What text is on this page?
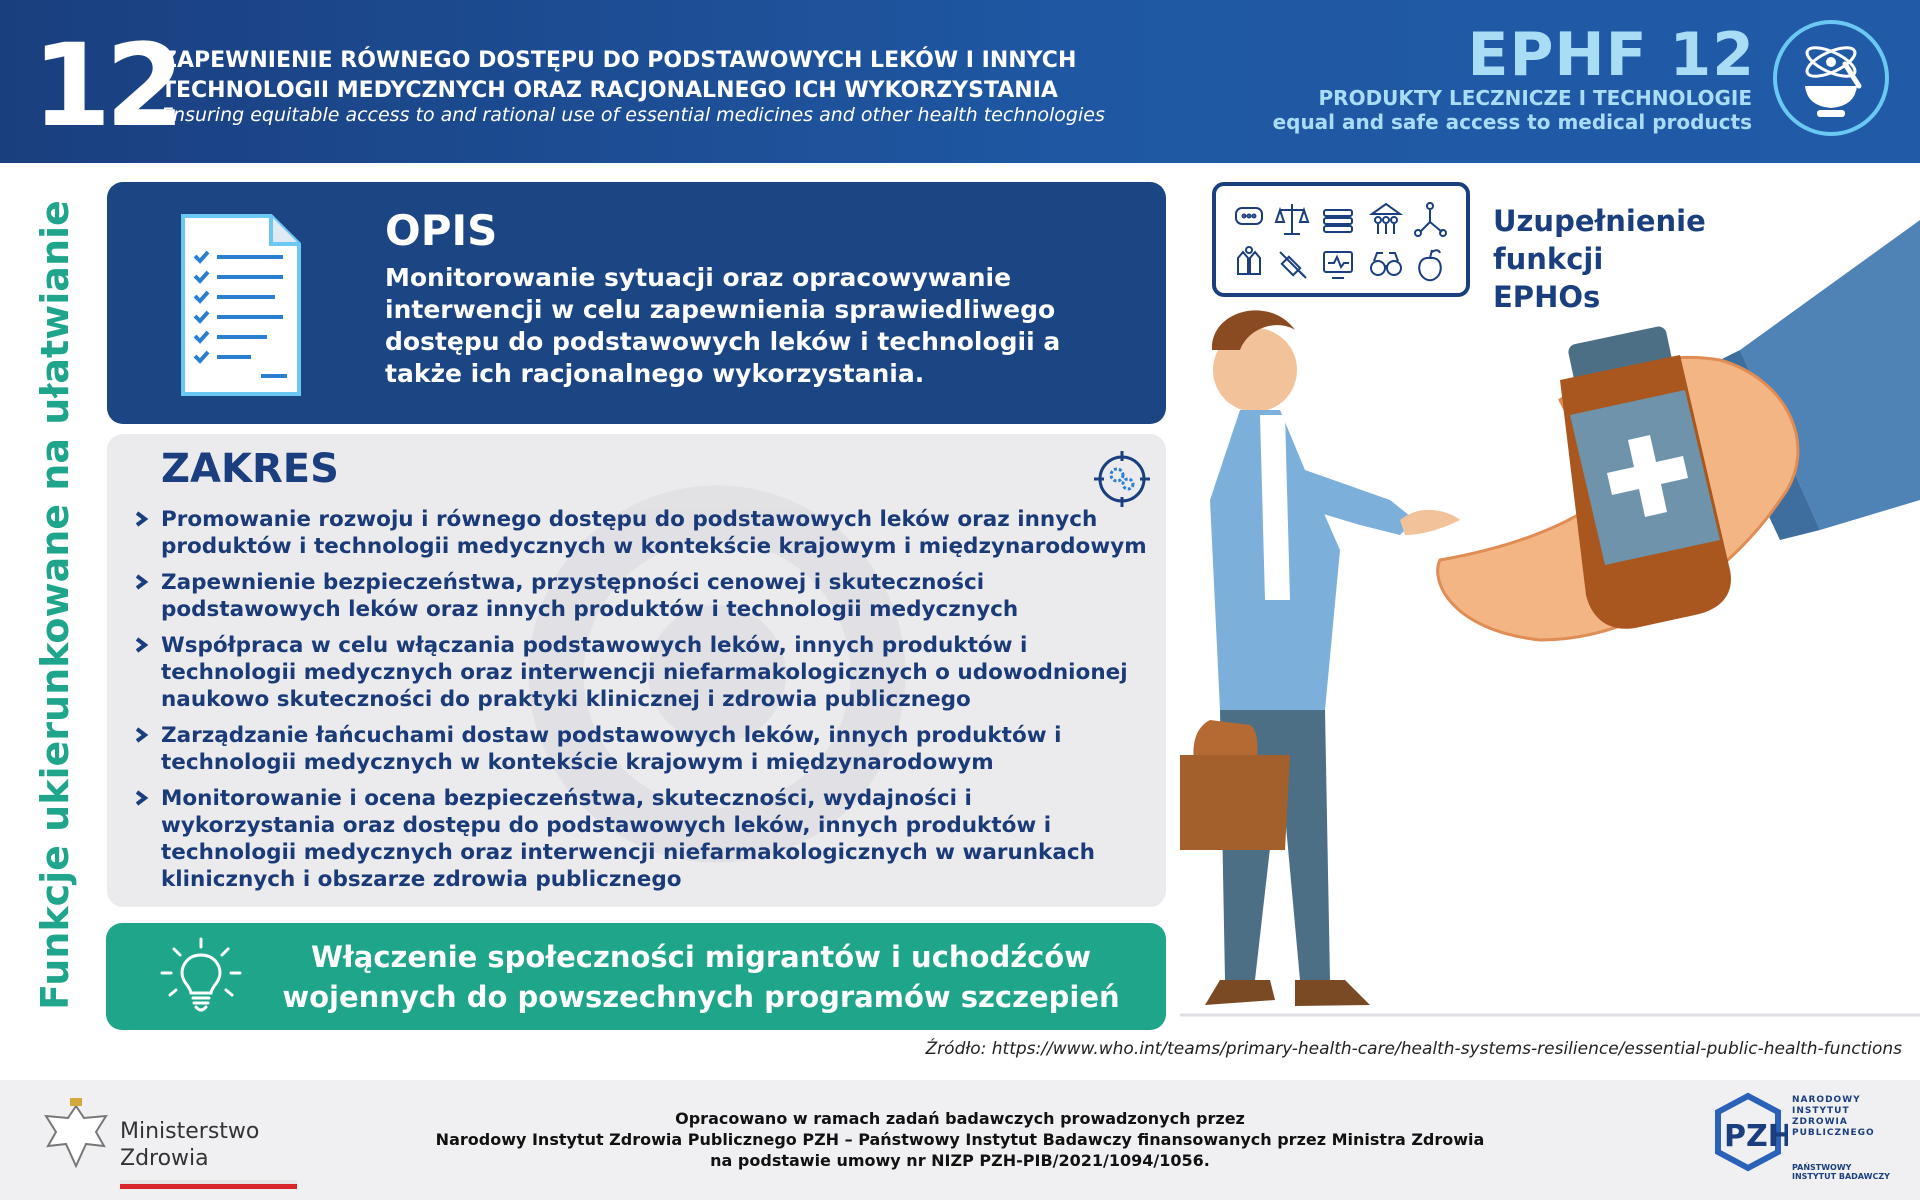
12
ZAPEWNIENIE RÓWNEGO DOSTĘPU DO PODSTAWOWYCH LEKÓW I INNYCH TECHNOLOGII MEDYCZNYCH ORAZ RACJONALNEGO ICH WYKORZYSTANIA
Ensuring equitable access to and rational use of essential medicines and other health technologies
EPHF 12
PRODUKTY LECZNICZE I TECHNOLOGIE
equal and safe access to medical products
Funkcje ukierunkowane na ułatwianie	OPIS
Monitorowanie sytuacji oraz opracowywanie interwencji w celu zapewnienia sprawiedliwego dostępu do podstawowych leków i technologii a także ich racjonalnego wykorzystania.
ZAKRES
Promowanie rozwoju i równego dostępu do podstawowych leków oraz innych produktów i technologii medycznych w kontekście krajowym i międzynarodowym
Zapewnienie bezpieczeństwa, przystępności cenowej i skuteczności podstawowych leków oraz innych produktów i technologii medycznych
Współpraca w celu włączania podstawowych leków, innych produktów i technologii medycznych oraz interwencji niefarmakologicznych o udowodnionej naukowo skuteczności do praktyki klinicznej i zdrowia publicznego
Zarządzanie łańcuchami dostaw podstawowych leków, innych produktów i technologii medycznych w kontekście krajowym i międzynarodowym
Monitorowanie i ocena bezpieczeństwa, skuteczności, wydajności i wykorzystania oraz dostępu do podstawowych leków, innych produktów i technologii medycznych oraz interwencji niefarmakologicznych w warunkach klinicznych i obszarze zdrowia publicznego
Włączenie społeczności migrantów i uchodźców wojennych do powszechnych programów szczepień
Uzupełnienie funkcji EPHOs
Źródło: https://www.who.int/teams/primary-health-care/health-systems-resilience/essential-public-health-functions
Ministerstwo
Zdrowia
Opracowano w ramach zadań badawczych prowadzonych przez
Narodowy Instytut Zdrowia Publicznego PZH – Państwowy Instytut Badawczy finansowanych przez Ministra Zdrowia
na podstawie umowy nr NIZP PZH-PIB/2021/1094/1056.
PZH
NARODOWY
INSTYTUT
ZDROWIA
PUBLICZNEGO
PAŃSTWOWY INSTYTUT BADAWCZY
